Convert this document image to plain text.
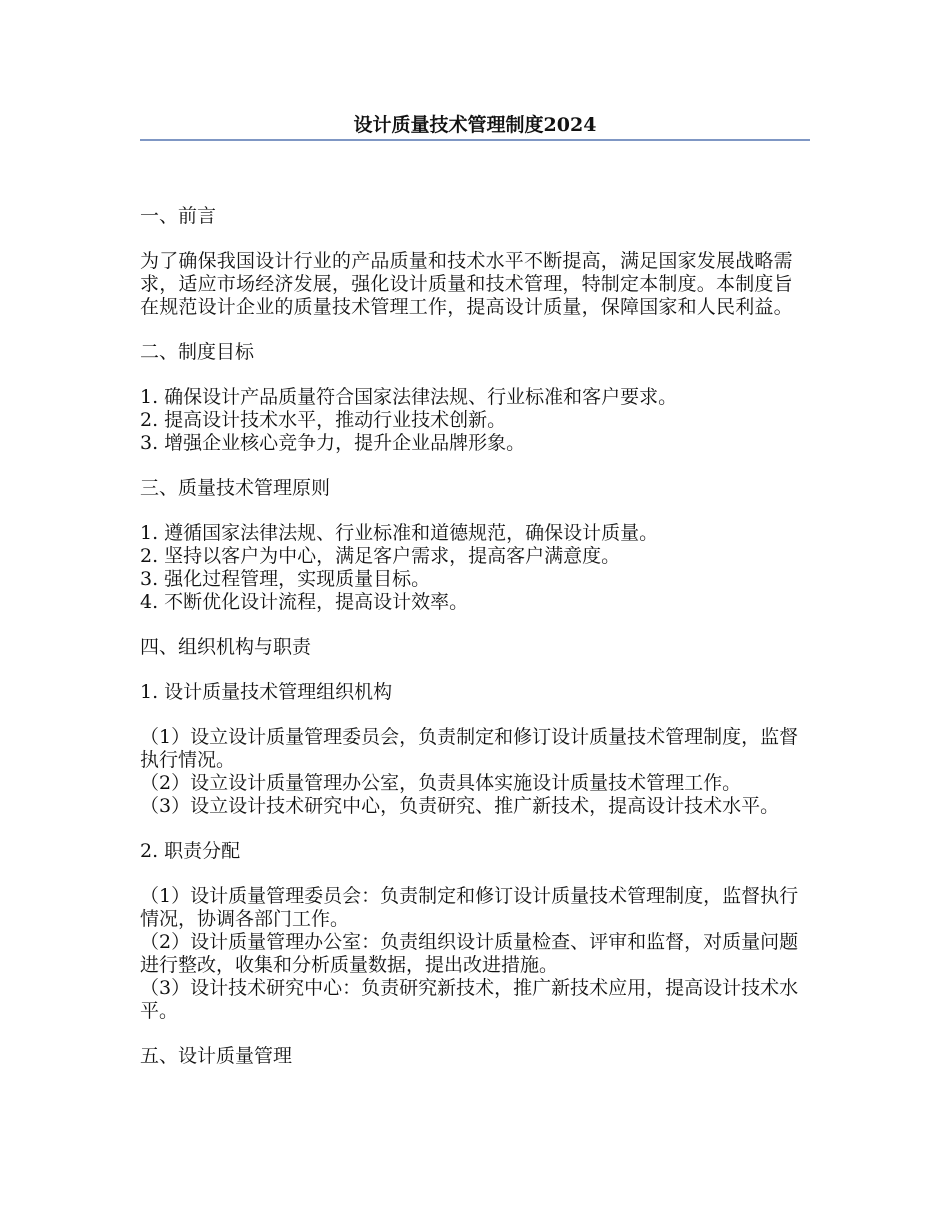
设计质量技术管理制度2024

一、前言

为了确保我国设计行业的产品质量和技术水平不断提高，满足国家发展战略需求，适应市场经济发展，强化设计质量和技术管理，特制定本制度。本制度旨在规范设计企业的质量技术管理工作，提高设计质量，保障国家和人民利益。

二、制度目标

1. 确保设计产品质量符合国家法律法规、行业标准和客户要求。

2. 提高设计技术水平，推动行业技术创新。

3. 增强企业核心竞争力，提升企业品牌形象。

三、质量技术管理原则

1. 遵循国家法律法规、行业标准和道德规范，确保设计质量。

2. 坚持以客户为中心，满足客户需求，提高客户满意度。

3. 强化过程管理，实现质量目标。

4. 不断优化设计流程，提高设计效率。

四、组织机构与职责

1. 设计质量技术管理组织机构

（1）设立设计质量管理委员会，负责制定和修订设计质量技术管理制度，监督执行情况。

（2）设立设计质量管理办公室，负责具体实施设计质量技术管理工作。

（3）设立设计技术研究中心，负责研究、推广新技术，提高设计技术水平。

2. 职责分配

（1）设计质量管理委员会：负责制定和修订设计质量技术管理制度，监督执行情况，协调各部门工作。

（2）设计质量管理办公室：负责组织设计质量检查、评审和监督，对质量问题进行整改，收集和分析质量数据，提出改进措施。

（3）设计技术研究中心：负责研究新技术，推广新技术应用，提高设计技术水平。

五、设计质量管理
